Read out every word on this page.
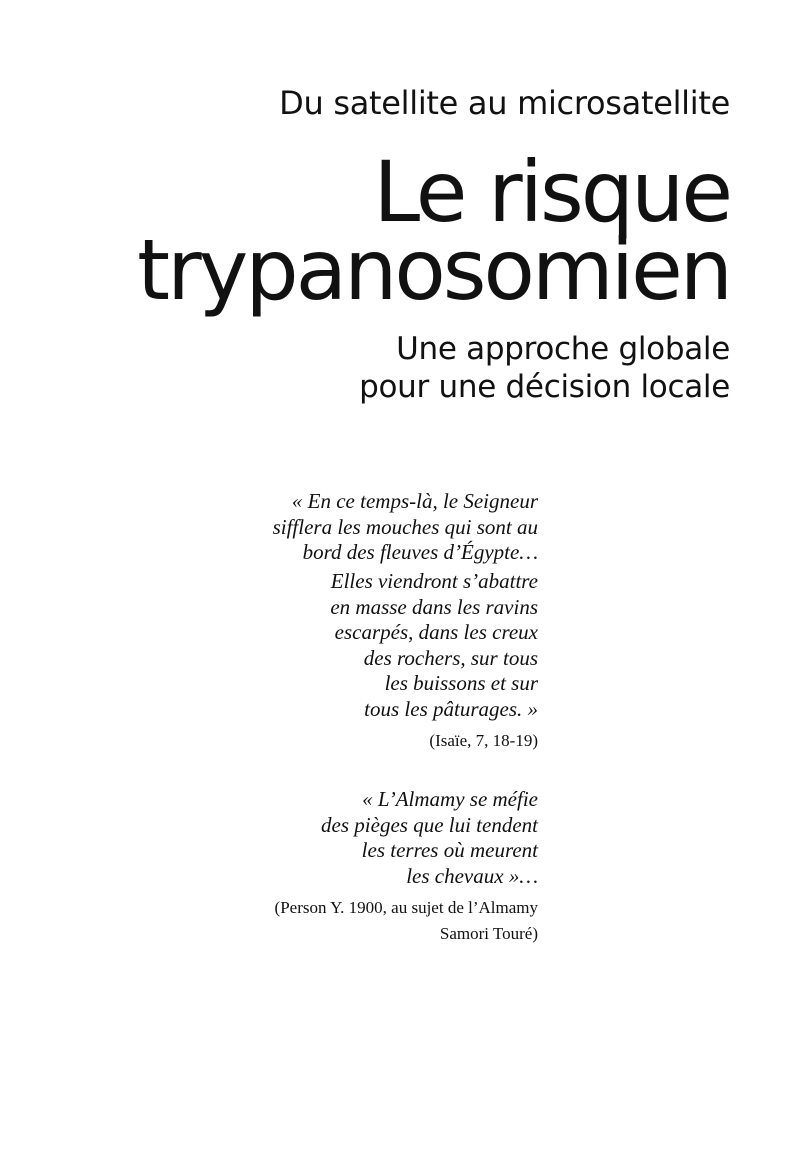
Du satellite au microsatellite
Le risque
trypanosomien
Une approche globale
pour une décision locale
« En ce temps-là, le Seigneur
sifflera les mouches qui sont au
bord des fleuves d’Égypte…
Elles viendront s’abattre
en masse dans les ravins
escarpés, dans les creux
des rochers, sur tous
les buissons et sur
tous les pâturages. »
(Isaïe, 7, 18-19)
« L’Almamy se méfie
des pièges que lui tendent
les terres où meurent
les chevaux »…
(Person Y. 1900, au sujet de l’Almamy
Samori Touré)
